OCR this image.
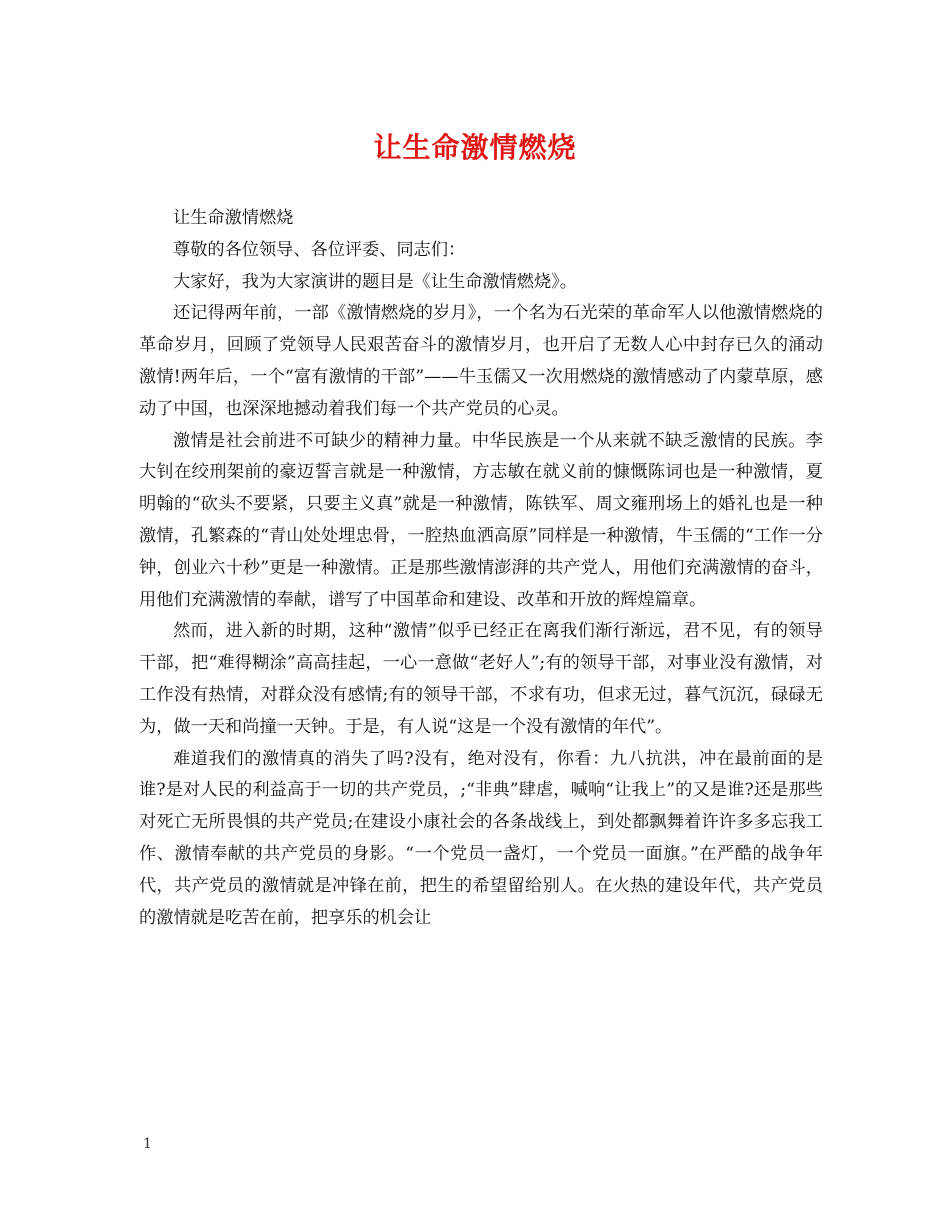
让生命激情燃烧

让生命激情燃烧

尊敬的各位领导、各位评委、同志们：

大家好，我为大家演讲的题目是《让生命激情燃烧》。

还记得两年前，一部《激情燃烧的岁月》，一个名为石光荣的革命军人以他激情燃烧的革命岁月，回顾了党领导人民艰苦奋斗的激情岁月，也开启了无数人心中封存已久的涌动激情!两年后，一个“富有激情的干部”——牛玉儒又一次用燃烧的激情感动了内蒙草原，感动了中国，也深深地撼动着我们每一个共产党员的心灵。

激情是社会前进不可缺少的精神力量。中华民族是一个从来就不缺乏激情的民族。李大钊在绞刑架前的豪迈誓言就是一种激情，方志敏在就义前的慷慨陈词也是一种激情，夏明翰的“砍头不要紧，只要主义真”就是一种激情，陈铁军、周文雍刑场上的婚礼也是一种激情，孔繁森的“青山处处埋忠骨，一腔热血洒高原”同样是一种激情，牛玉儒的“工作一分钟，创业六十秒”更是一种激情。正是那些激情澎湃的共产党人，用他们充满激情的奋斗，用他们充满激情的奉献，谱写了中国革命和建设、改革和开放的辉煌篇章。

然而，进入新的时期，这种“激情”似乎已经正在离我们渐行渐远，君不见，有的领导干部，把“难得糊涂”高高挂起，一心一意做“老好人”;有的领导干部，对事业没有激情，对工作没有热情，对群众没有感情;有的领导干部，不求有功，但求无过，暮气沉沉，碌碌无为，做一天和尚撞一天钟。于是，有人说“这是一个没有激情的年代”。

难道我们的激情真的消失了吗?没有，绝对没有，你看：九八抗洪，冲在最前面的是谁?是对人民的利益高于一切的共产党员，;“非典”肆虐，喊响“让我上”的又是谁?还是那些对死亡无所畏惧的共产党员;在建设小康社会的各条战线上，到处都飘舞着许许多多忘我工作、激情奉献的共产党员的身影。“一个党员一盏灯，一个党员一面旗。”在严酷的战争年代，共产党员的激情就是冲锋在前，把生的希望留给别人。在火热的建设年代，共产党员的激情就是吃苦在前，把享乐的机会让

1
